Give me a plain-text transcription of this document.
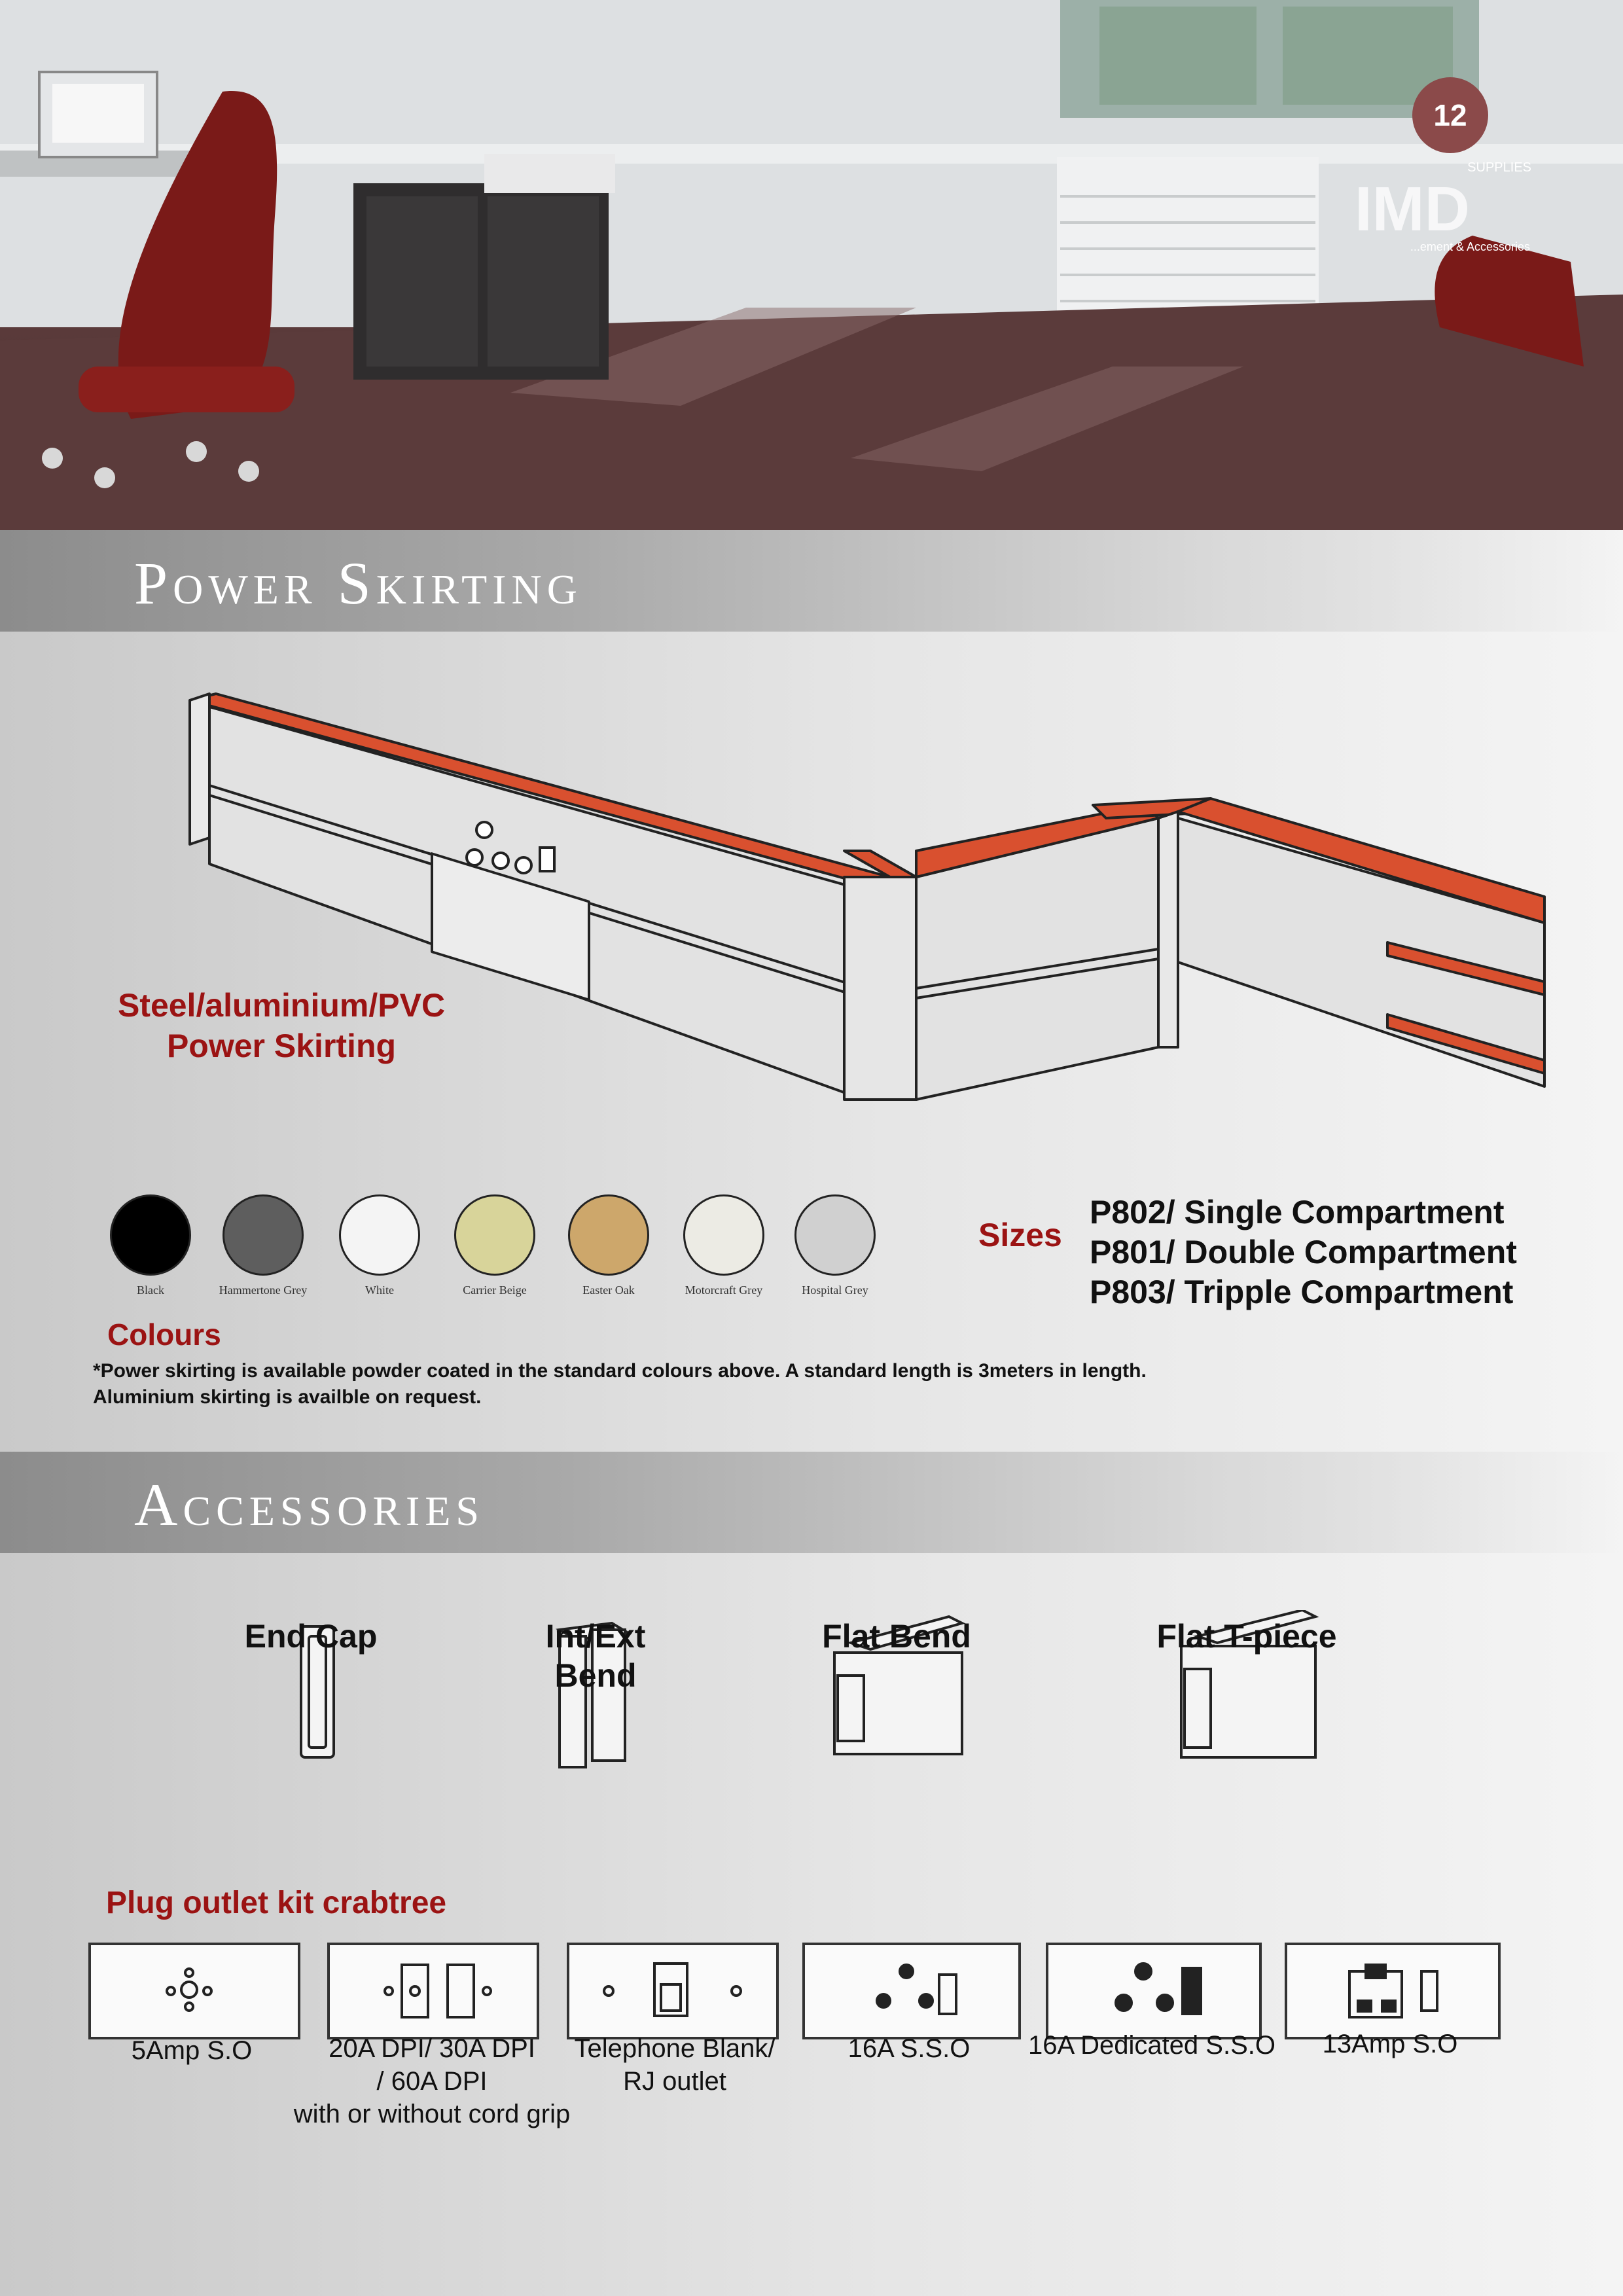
12
SUPPLIES
IMD
...ement & Accessories
Power Skirting
Steel/aluminium/PVC
Power Skirting
Black	Hammertone Grey	White	Carrier Beige	Easter Oak	Motorcraft Grey	Hospital Grey
Sizes
P802/ Single Compartment
P801/ Double Compartment
P803/ Tripple Compartment
Colours
*Power skirting is available powder coated in the standard colours above. A standard length is 3meters in length.
Aluminium skirting is availble on request.
Accessories
End Cap	Int/Ext
Bend
Flat Bend	Flat T-piece
Plug outlet kit crabtree
5Amp S.O	20A DPI/ 30A DPI
/ 60A DPI
with or without cord grip
Telephone Blank/
RJ outlet
16A S.S.O	16A Dedicated S.S.O	13Amp S.O
